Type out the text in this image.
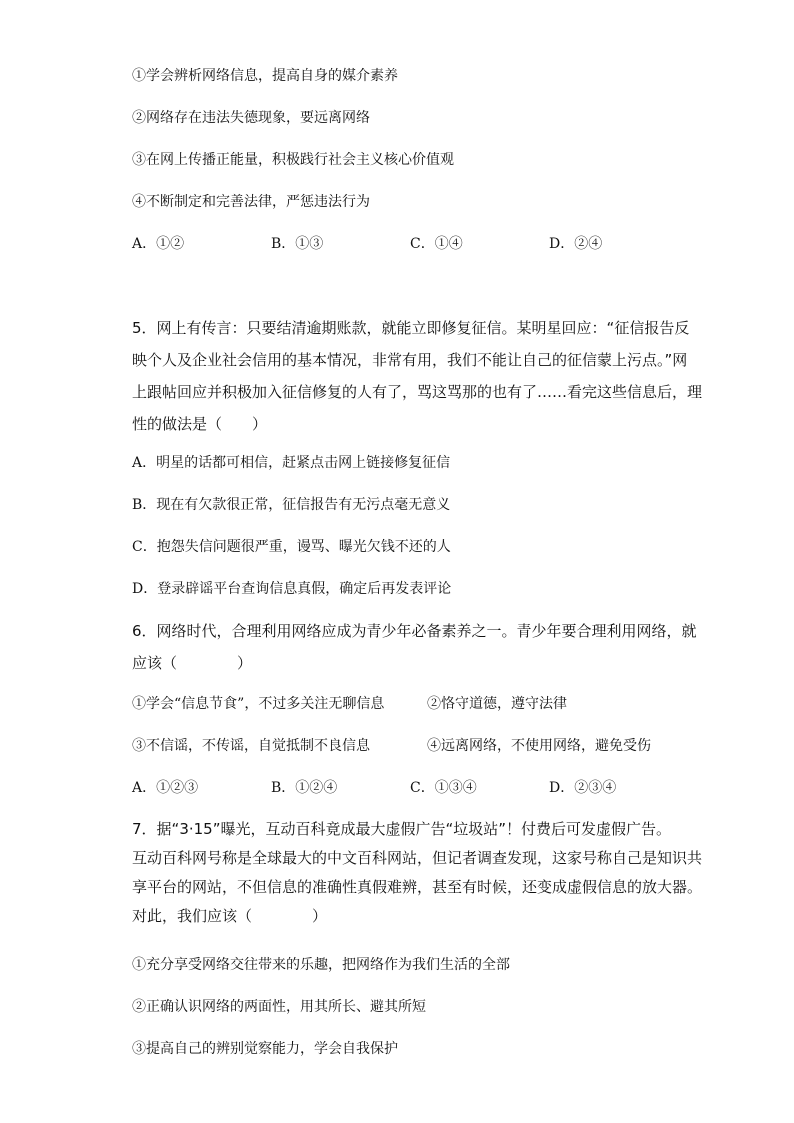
①学会辨析网络信息，提高自身的媒介素养
②网络存在违法失德现象，要远离网络
③在网上传播正能量，积极践行社会主义核心价值观
④不断制定和完善法律，严惩违法行为
A．①②	B．①③	C．①④	D．②④
5．网上有传言：只要结清逾期账款，就能立即修复征信。某明星回应：“征信报告反
映个人及企业社会信用的基本情况，非常有用，我们不能让自己的征信蒙上污点。”网
上跟帖回应并积极加入征信修复的人有了，骂这骂那的也有了……看完这些信息后，理
性的做法是（　　）
A．明星的话都可相信，赶紧点击网上链接修复征信
B．现在有欠款很正常，征信报告有无污点毫无意义
C．抱怨失信问题很严重，谩骂、曝光欠钱不还的人
D．登录辟谣平台查询信息真假，确定后再发表评论
6．网络时代，合理利用网络应成为青少年必备素养之一。青少年要合理利用网络，就
应该（　　　　）
①学会“信息节食”，不过多关注无聊信息	②恪守道德，遵守法律
③不信谣，不传谣，自觉抵制不良信息	④远离网络，不使用网络，避免受伤
A．①②③	B．①②④	C．①③④	D．②③④
7．据“3·15”曝光，互动百科竟成最大虚假广告“垃圾站”！付费后可发虚假广告。
互动百科网号称是全球最大的中文百科网站，但记者调查发现，这家号称自己是知识共
享平台的网站，不但信息的准确性真假难辨，甚至有时候，还变成虚假信息的放大器。
对此，我们应该（　　　　）
①充分享受网络交往带来的乐趣，把网络作为我们生活的全部
②正确认识网络的两面性，用其所长、避其所短
③提高自己的辨别觉察能力，学会自我保护
